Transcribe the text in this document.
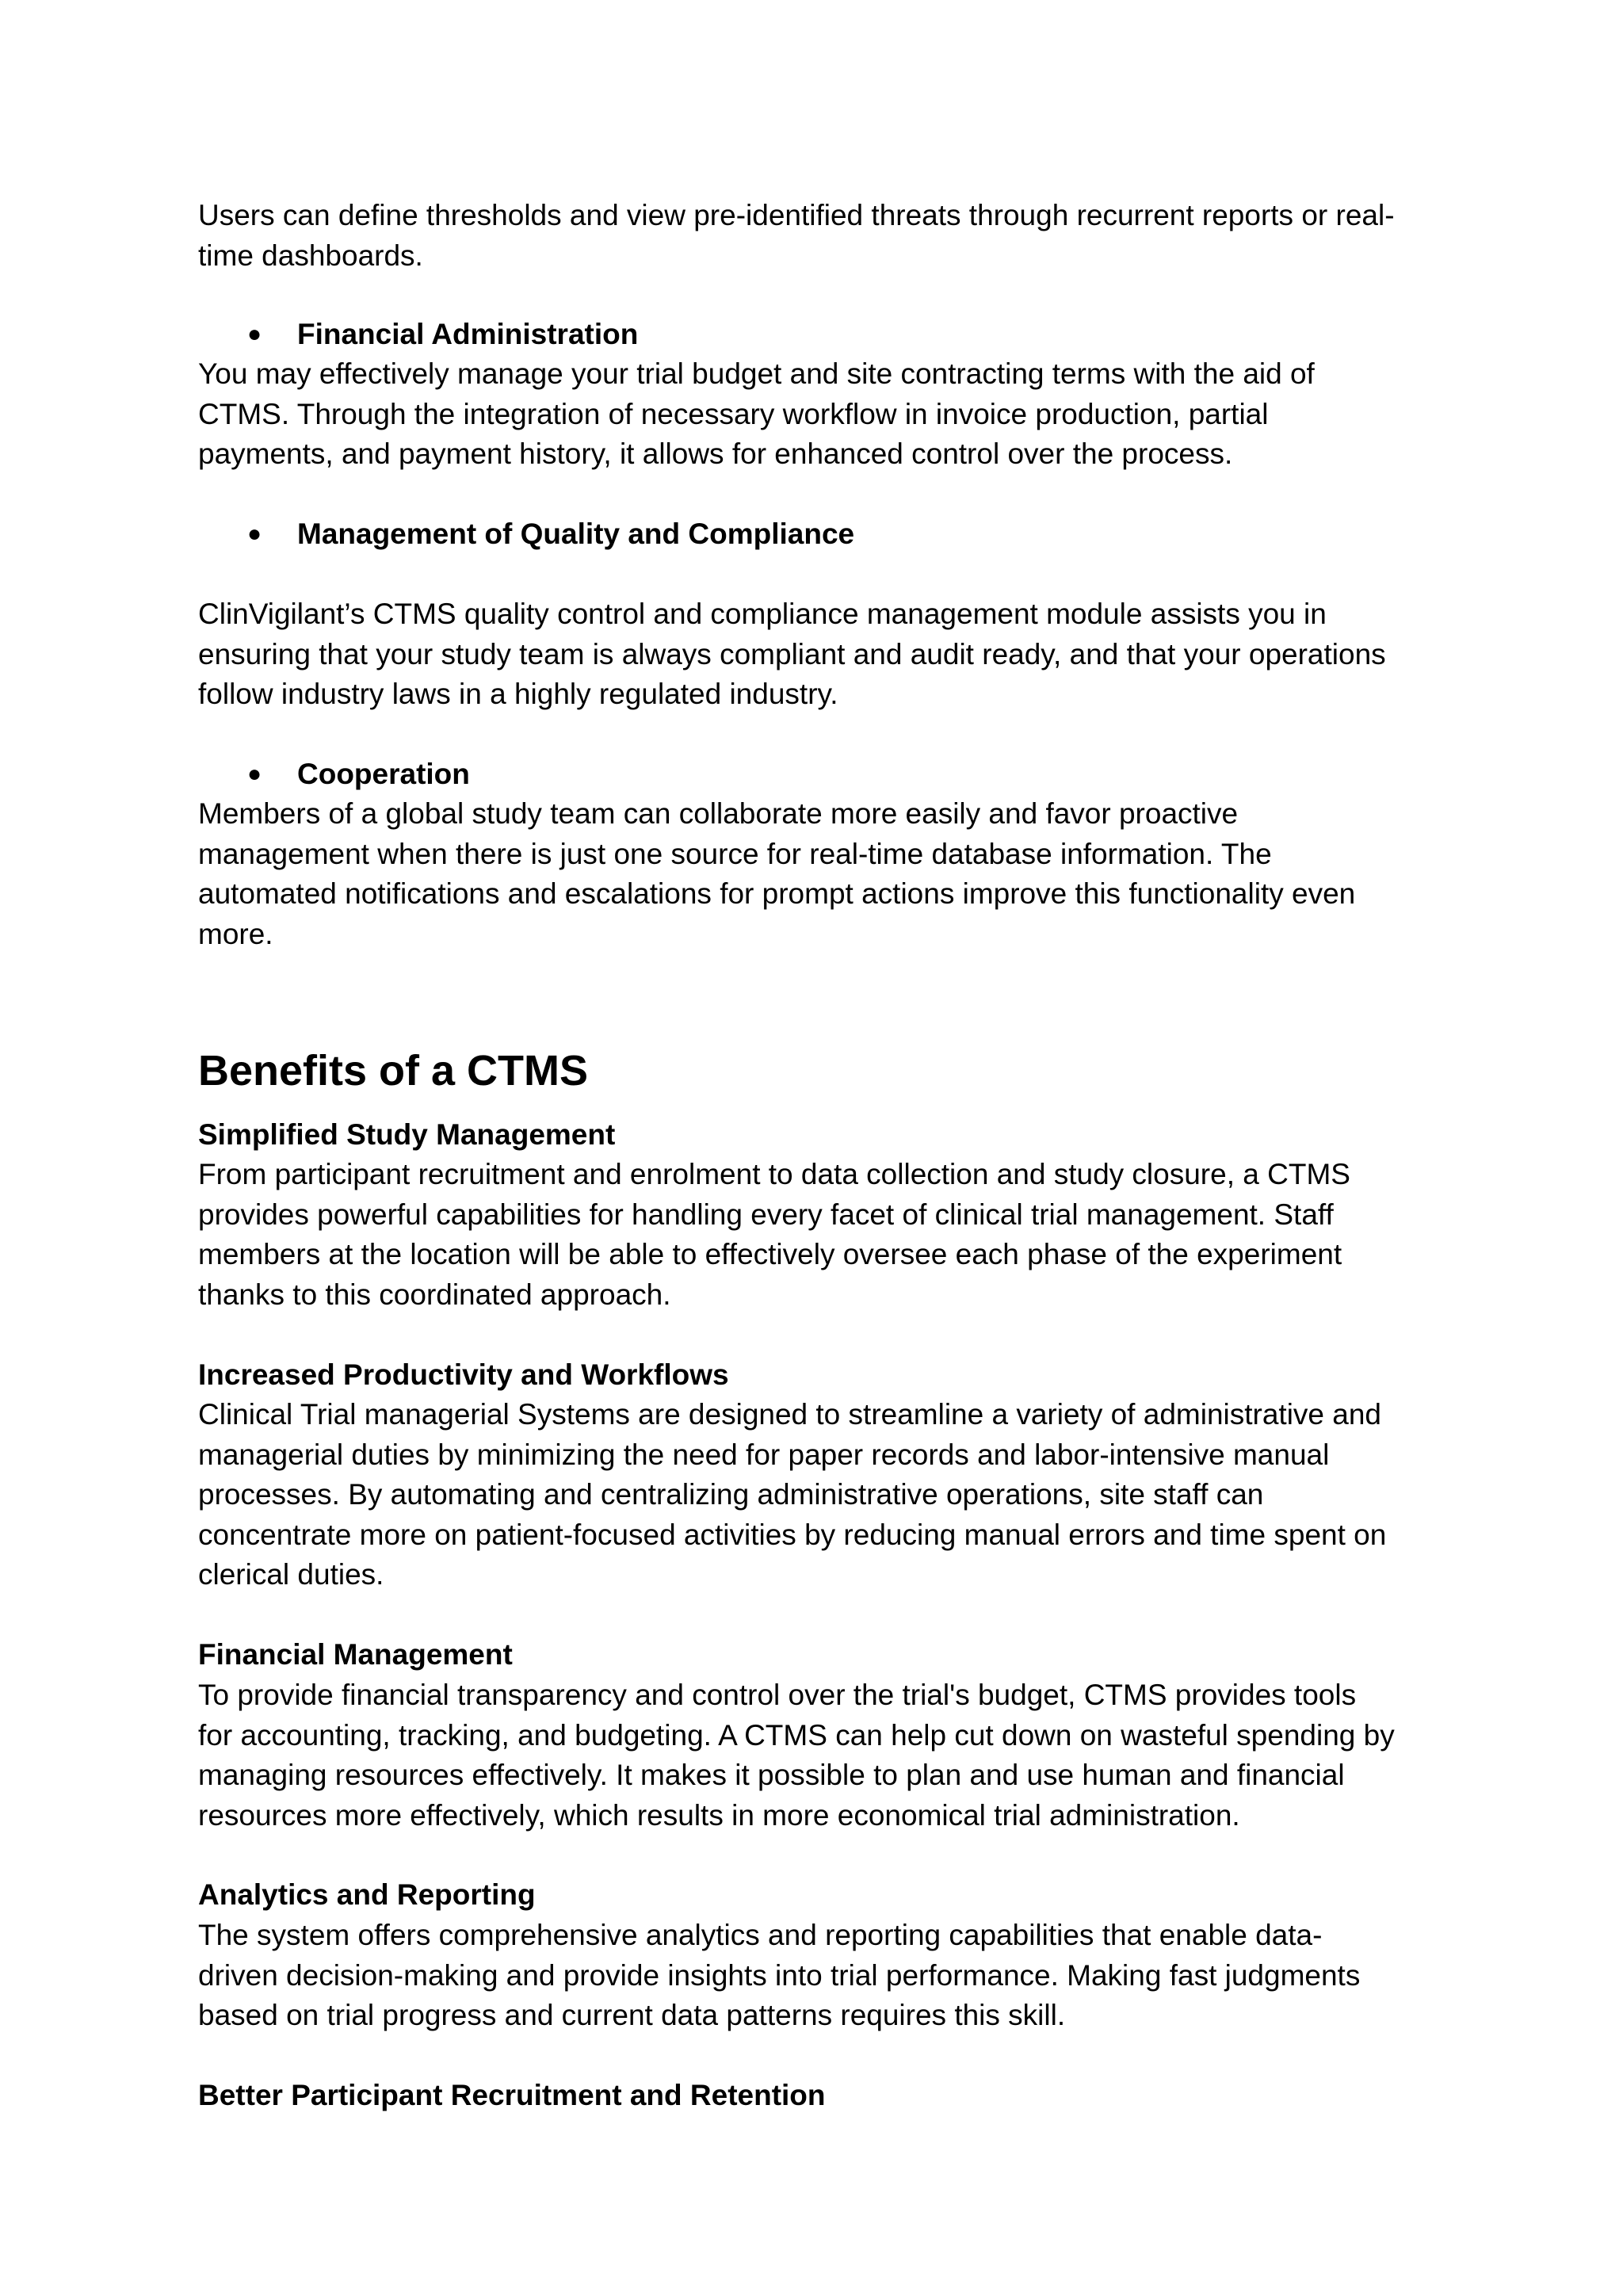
Users can define thresholds and view pre-identified threats through recurrent reports or real-
time dashboards.

● Financial Administration

You may effectively manage your trial budget and site contracting terms with the aid of
CTMS. Through the integration of necessary workflow in invoice production, partial
payments, and payment history, it allows for enhanced control over the process.

● Management of Quality and Compliance

ClinVigilant’s CTMS quality control and compliance management module assists you in
ensuring that your study team is always compliant and audit ready, and that your operations
follow industry laws in a highly regulated industry.

● Cooperation

Members of a global study team can collaborate more easily and favor proactive
management when there is just one source for real-time database information. The
automated notifications and escalations for prompt actions improve this functionality even
more.

Benefits of a CTMS

Simplified Study Management

From participant recruitment and enrolment to data collection and study closure, a CTMS
provides powerful capabilities for handling every facet of clinical trial management. Staff
members at the location will be able to effectively oversee each phase of the experiment
thanks to this coordinated approach.

Increased Productivity and Workflows

Clinical Trial managerial Systems are designed to streamline a variety of administrative and
managerial duties by minimizing the need for paper records and labor-intensive manual
processes. By automating and centralizing administrative operations, site staff can
concentrate more on patient-focused activities by reducing manual errors and time spent on
clerical duties.

Financial Management

To provide financial transparency and control over the trial's budget, CTMS provides tools
for accounting, tracking, and budgeting. A CTMS can help cut down on wasteful spending by
managing resources effectively. It makes it possible to plan and use human and financial
resources more effectively, which results in more economical trial administration.

Analytics and Reporting

The system offers comprehensive analytics and reporting capabilities that enable data-
driven decision-making and provide insights into trial performance. Making fast judgments
based on trial progress and current data patterns requires this skill.

Better Participant Recruitment and Retention
